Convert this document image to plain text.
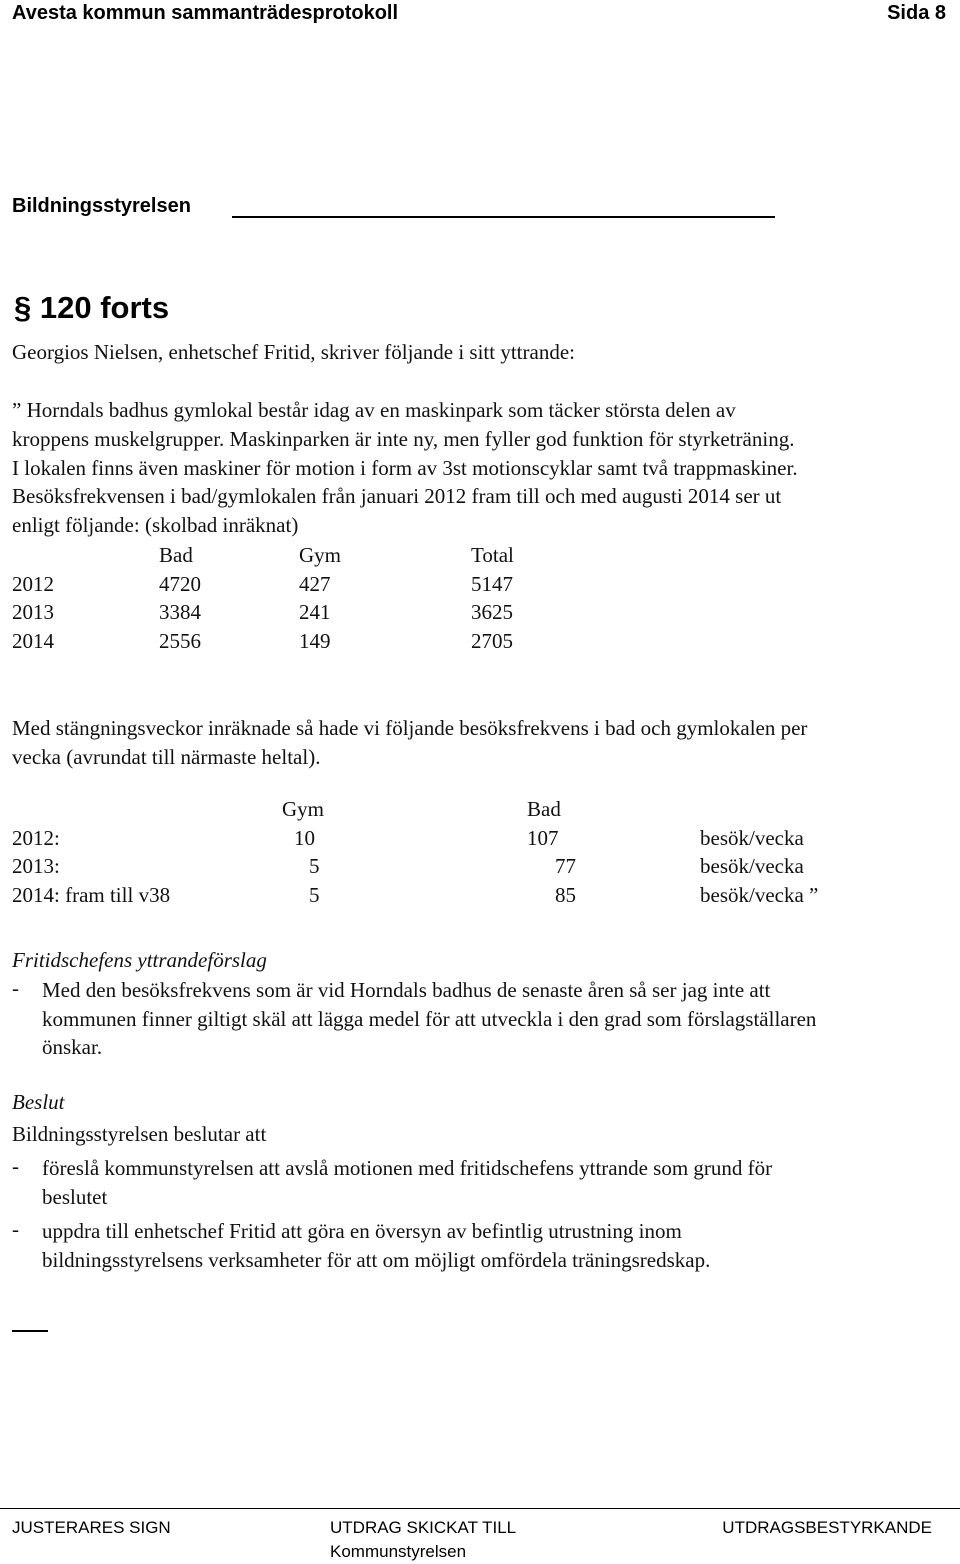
Avesta kommun sammanträdesprotokoll	Sida 8
Bildningsstyrelsen
§ 120 forts
Georgios Nielsen, enhetschef Fritid, skriver följande i sitt yttrande:
” Horndals badhus gymlokal består idag av en maskinpark som täcker största delen av
kroppens muskelgrupper. Maskinparken är inte ny, men fyller god funktion för styrketräning.
I lokalen finns även maskiner för motion i form av 3st motionscyklar samt två trappmaskiner.
Besöksfrekvensen i bad/gymlokalen från januari 2012 fram till och med augusti 2014 ser ut
enligt följande: (skolbad inräknat)
	Bad	Gym	Total
2012	4720	427	5147
2013	3384	241	3625
2014	2556	149	2705
Med stängningsveckor inräknade så hade vi följande besöksfrekvens i bad och gymlokalen per
vecka (avrundat till närmaste heltal).
	Gym	Bad	
2012:	10	107	besök/vecka
2013:	5	77	besök/vecka
2014: fram till v38	5	85	besök/vecka ”
Fritidschefens yttrandeförslag
- Med den besöksfrekvens som är vid Horndals badhus de senaste åren så ser jag inte att
kommunen finner giltigt skäl att lägga medel för att utveckla i den grad som förslagställaren
önskar.
Beslut
Bildningsstyrelsen beslutar att
- föreslå kommunstyrelsen att avslå motionen med fritidschefens yttrande som grund för
beslutet
- uppdra till enhetschef Fritid att göra en översyn av befintlig utrustning inom
bildningsstyrelsens verksamheter för att om möjligt omfördela träningsredskap.
JUSTERARES SIGN	UTDRAG SKICKAT TILL
Kommunstyrelsen
UTDRAGSBESTYRKANDE
